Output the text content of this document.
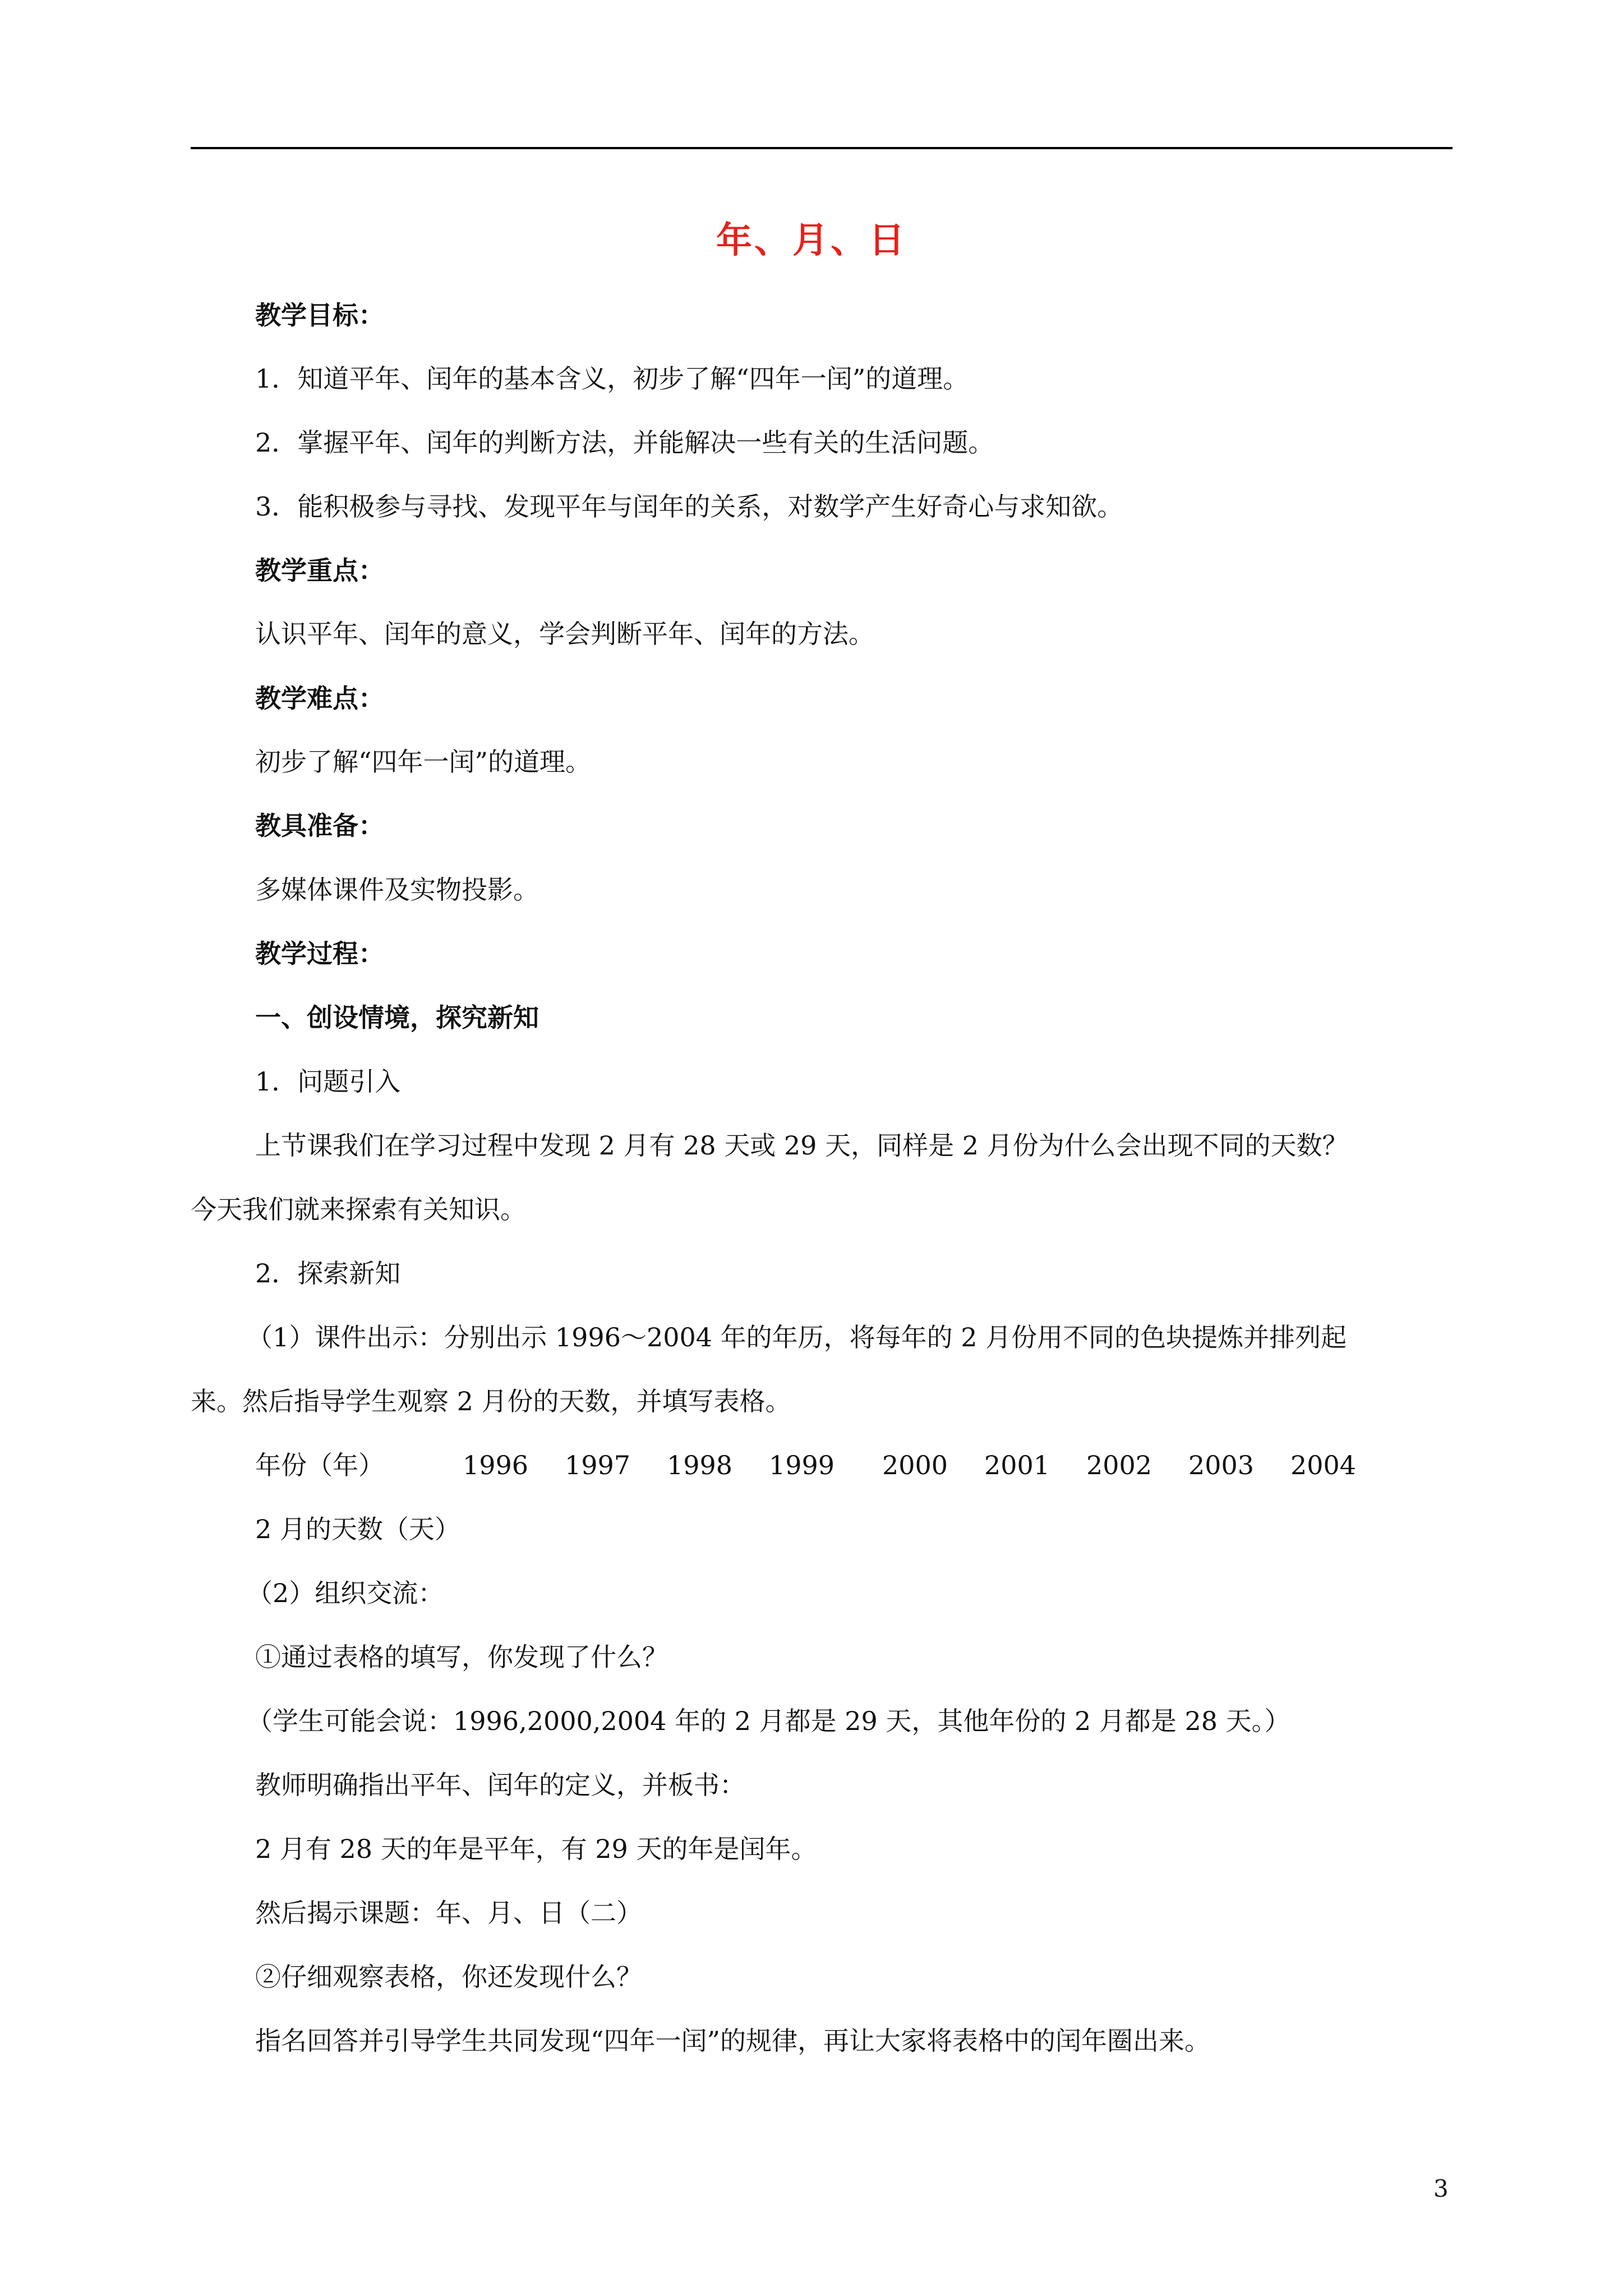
年、月、日
教学目标：
1．知道平年、闰年的基本含义，初步了解“四年一闰”的道理。
2．掌握平年、闰年的判断方法，并能解决一些有关的生活问题。
3．能积极参与寻找、发现平年与闰年的关系，对数学产生好奇心与求知欲。
教学重点：
认识平年、闰年的意义，学会判断平年、闰年的方法。
教学难点：
初步了解“四年一闰”的道理。
教具准备：
多媒体课件及实物投影。
教学过程：
一、创设情境，探究新知
1．问题引入
上节课我们在学习过程中发现 2 月有 28 天或 29 天，同样是 2 月份为什么会出现不同的天数？
今天我们就来探索有关知识。
2．探索新知
（1）课件出示：分别出示 1996～2004 年的年历，将每年的 2 月份用不同的色块提炼并排列起
来。然后指导学生观察 2 月份的天数，并填写表格。
年份（年）	1996 1997 1998 1999 2000 2001 2002 2003 2004
2 月的天数（天）
（2）组织交流：
①通过表格的填写，你发现了什么？
（学生可能会说：1996,2000,2004 年的 2 月都是 29 天，其他年份的 2 月都是 28 天。）
教师明确指出平年、闰年的定义，并板书：
2 月有 28 天的年是平年，有 29 天的年是闰年。
然后揭示课题：年、月、日（二）
②仔细观察表格，你还发现什么？
指名回答并引导学生共同发现“四年一闰”的规律，再让大家将表格中的闰年圈出来。
3
